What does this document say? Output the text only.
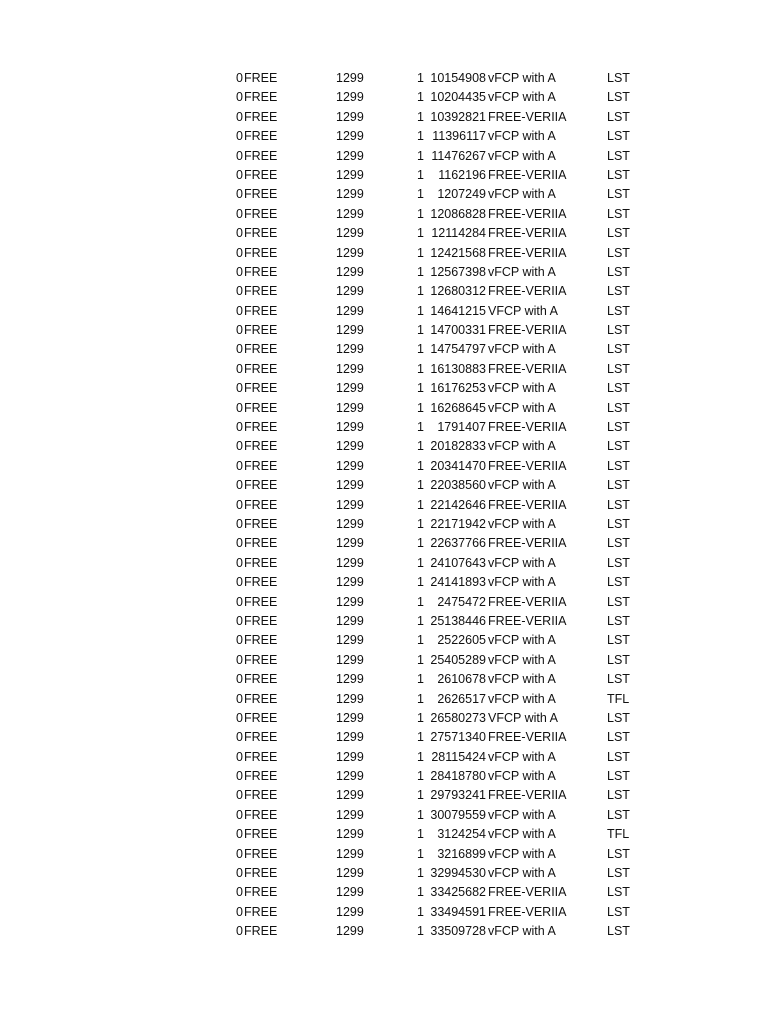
0 FREE	1299	1 10154908 vFCP with A	LST
0 FREE	1299	1 10204435 vFCP with A	LST
0 FREE	1299	1 10392821 FREE-VERIIA	LST
0 FREE	1299	1 11396117 vFCP with A	LST
0 FREE	1299	1 11476267 vFCP with A	LST
0 FREE	1299	1 1162196 FREE-VERIIA	LST
0 FREE	1299	1 1207249 vFCP with A	LST
0 FREE	1299	1 12086828 FREE-VERIIA	LST
0 FREE	1299	1 12114284 FREE-VERIIA	LST
0 FREE	1299	1 12421568 FREE-VERIIA	LST
0 FREE	1299	1 12567398 vFCP with A	LST
0 FREE	1299	1 12680312 FREE-VERIIA	LST
0 FREE	1299	1 14641215 VFCP with A	LST
0 FREE	1299	1 14700331 FREE-VERIIA	LST
0 FREE	1299	1 14754797 vFCP with A	LST
0 FREE	1299	1 16130883 FREE-VERIIA	LST
0 FREE	1299	1 16176253 vFCP with A	LST
0 FREE	1299	1 16268645 vFCP with A	LST
0 FREE	1299	1 1791407 FREE-VERIIA	LST
0 FREE	1299	1 20182833 vFCP with A	LST
0 FREE	1299	1 20341470 FREE-VERIIA	LST
0 FREE	1299	1 22038560 vFCP with A	LST
0 FREE	1299	1 22142646 FREE-VERIIA	LST
0 FREE	1299	1 22171942 vFCP with A	LST
0 FREE	1299	1 22637766 FREE-VERIIA	LST
0 FREE	1299	1 24107643 vFCP with A	LST
0 FREE	1299	1 24141893 vFCP with A	LST
0 FREE	1299	1 2475472 FREE-VERIIA	LST
0 FREE	1299	1 25138446 FREE-VERIIA	LST
0 FREE	1299	1 2522605 vFCP with A	LST
0 FREE	1299	1 25405289 vFCP with A	LST
0 FREE	1299	1 2610678 vFCP with A	LST
0 FREE	1299	1 2626517 vFCP with A	TFL
0 FREE	1299	1 26580273 VFCP with A	LST
0 FREE	1299	1 27571340 FREE-VERIIA	LST
0 FREE	1299	1 28115424 vFCP with A	LST
0 FREE	1299	1 28418780 vFCP with A	LST
0 FREE	1299	1 29793241 FREE-VERIIA	LST
0 FREE	1299	1 30079559 vFCP with A	LST
0 FREE	1299	1 3124254 vFCP with A	TFL
0 FREE	1299	1 3216899 vFCP with A	LST
0 FREE	1299	1 32994530 vFCP with A	LST
0 FREE	1299	1 33425682 FREE-VERIIA	LST
0 FREE	1299	1 33494591 FREE-VERIIA	LST
0 FREE	1299	1 33509728 vFCP with A	LST
